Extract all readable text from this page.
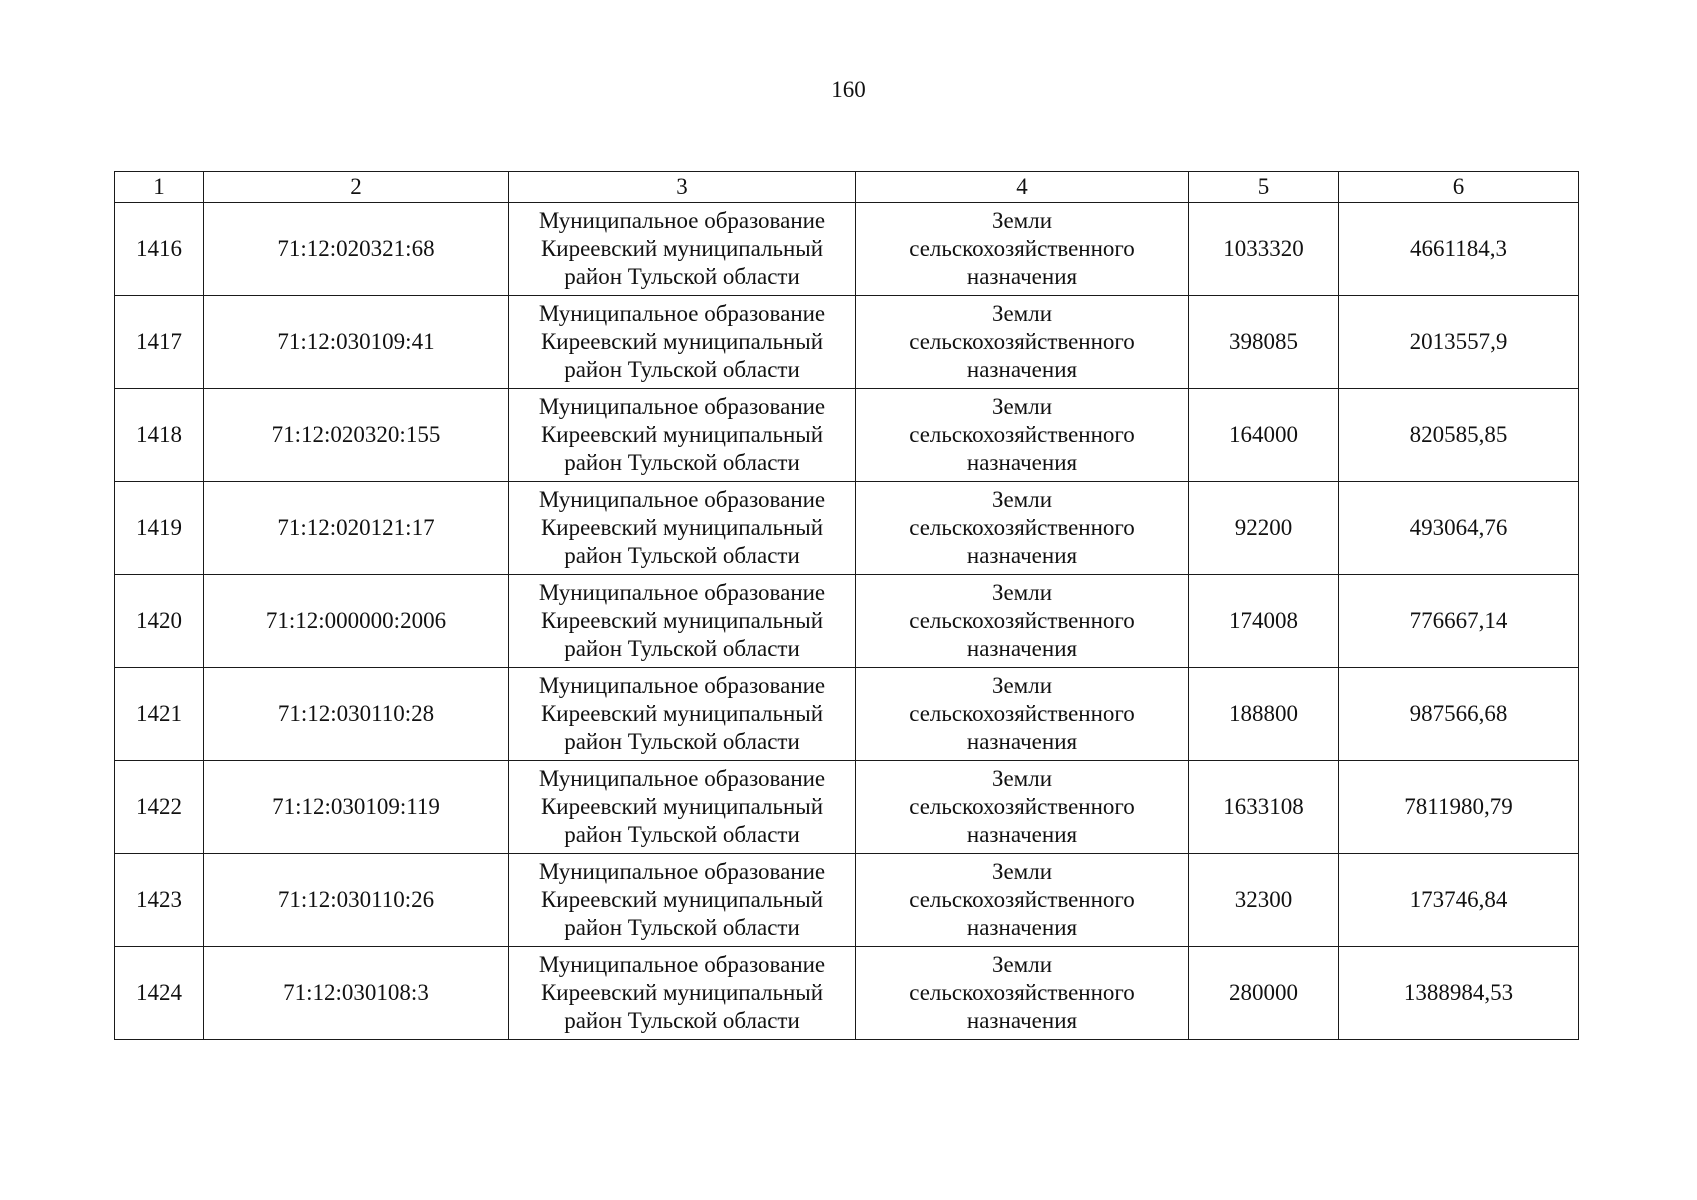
160
1	2	3	4	5	6
1416	71:12:020321:68	Муниципальное образование
Киреевский муниципальный
район Тульской области	Земли
сельскохозяйственного
назначения	1033320	4661184,3
1417	71:12:030109:41	Муниципальное образование
Киреевский муниципальный
район Тульской области	Земли
сельскохозяйственного
назначения	398085	2013557,9
1418	71:12:020320:155	Муниципальное образование
Киреевский муниципальный
район Тульской области	Земли
сельскохозяйственного
назначения	164000	820585,85
1419	71:12:020121:17	Муниципальное образование
Киреевский муниципальный
район Тульской области	Земли
сельскохозяйственного
назначения	92200	493064,76
1420	71:12:000000:2006	Муниципальное образование
Киреевский муниципальный
район Тульской области	Земли
сельскохозяйственного
назначения	174008	776667,14
1421	71:12:030110:28	Муниципальное образование
Киреевский муниципальный
район Тульской области	Земли
сельскохозяйственного
назначения	188800	987566,68
1422	71:12:030109:119	Муниципальное образование
Киреевский муниципальный
район Тульской области	Земли
сельскохозяйственного
назначения	1633108	7811980,79
1423	71:12:030110:26	Муниципальное образование
Киреевский муниципальный
район Тульской области	Земли
сельскохозяйственного
назначения	32300	173746,84
1424	71:12:030108:3	Муниципальное образование
Киреевский муниципальный
район Тульской области	Земли
сельскохозяйственного
назначения	280000	1388984,53
